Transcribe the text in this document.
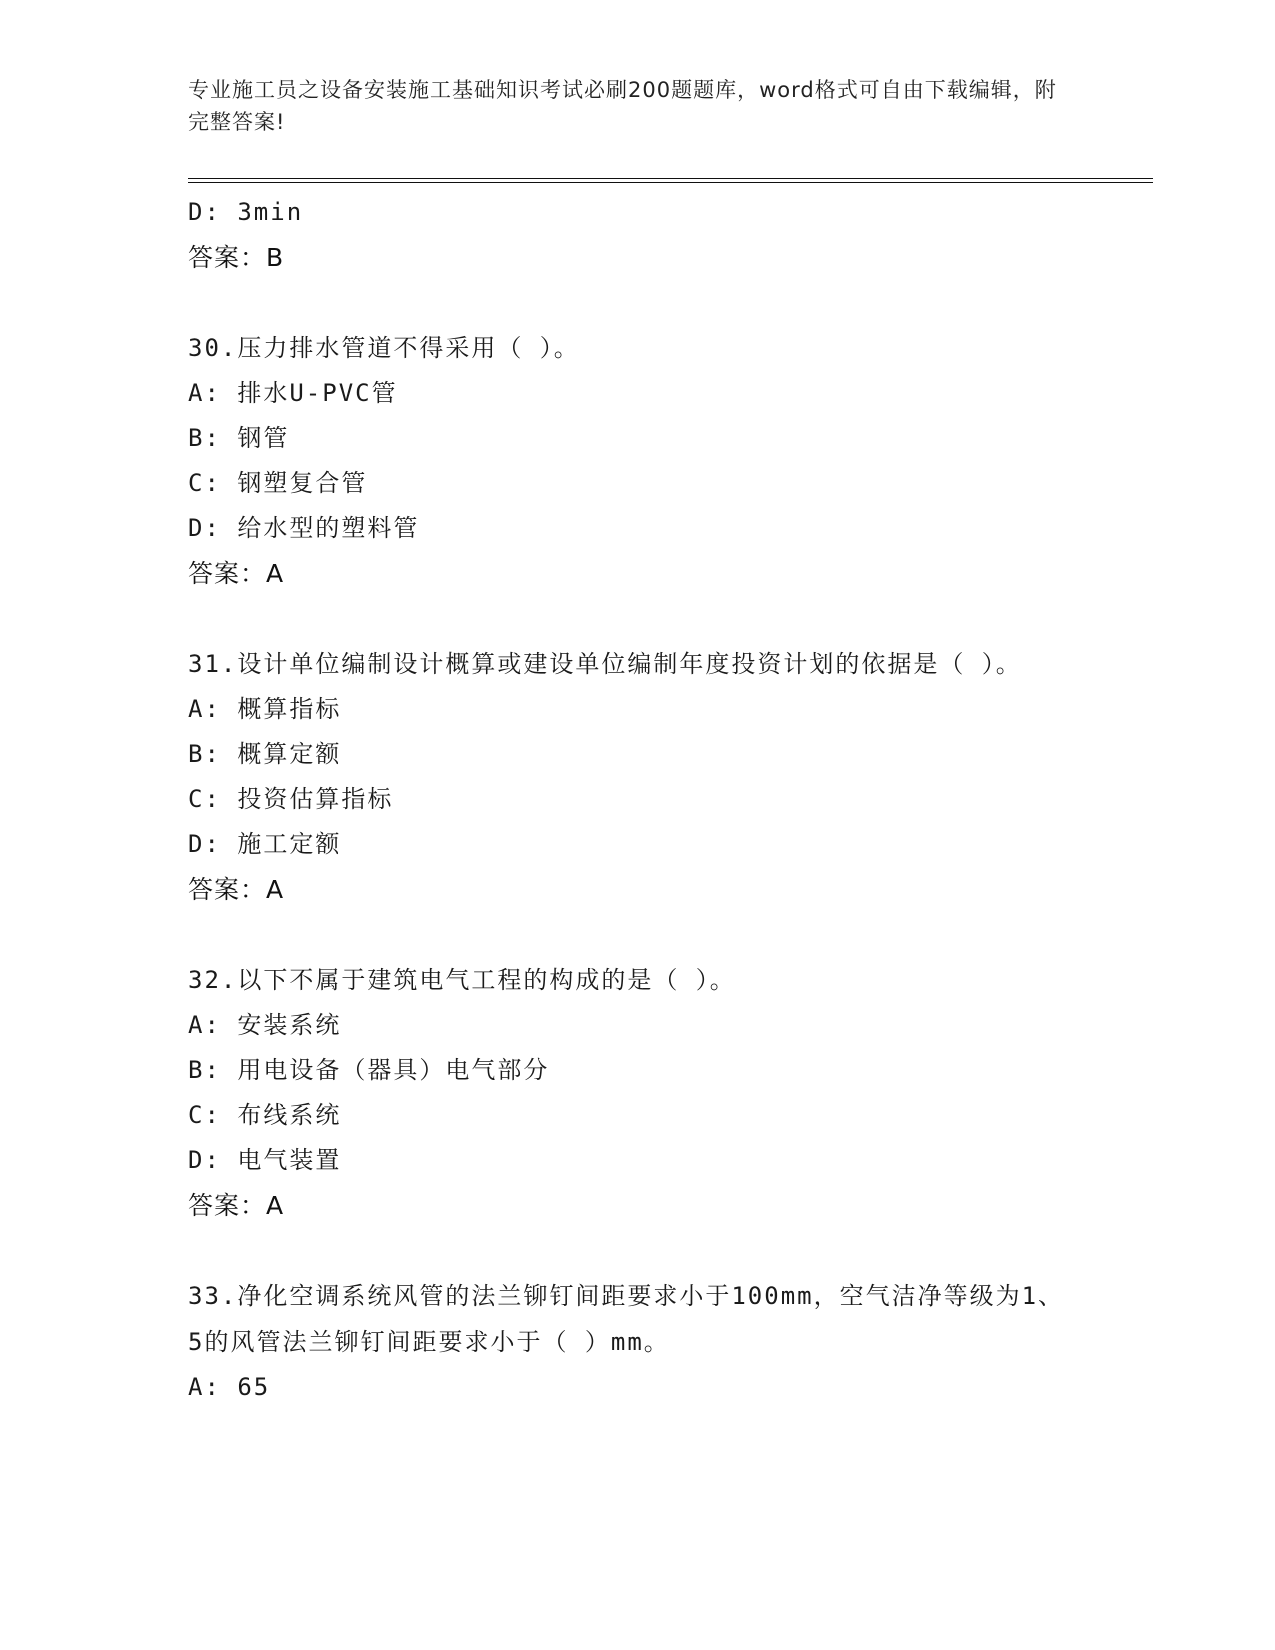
专业施工员之设备安装施工基础知识考试必刷200题题库，word格式可自由下载编辑，附完整答案!
D: 3min
答案：B
30.压力排水管道不得采用（ ）。
A: 排水U-PVC管
B: 钢管
C: 钢塑复合管
D: 给水型的塑料管
答案：A
31.设计单位编制设计概算或建设单位编制年度投资计划的依据是（ ）。
A: 概算指标
B: 概算定额
C: 投资估算指标
D: 施工定额
答案：A
32.以下不属于建筑电气工程的构成的是（ ）。
A: 安装系统
B: 用电设备（器具）电气部分
C: 布线系统
D: 电气装置
答案：A
33.净化空调系统风管的法兰铆钉间距要求小于100mm，空气洁净等级为1、5的风管法兰铆钉间距要求小于（ ）mm。
A: 65
